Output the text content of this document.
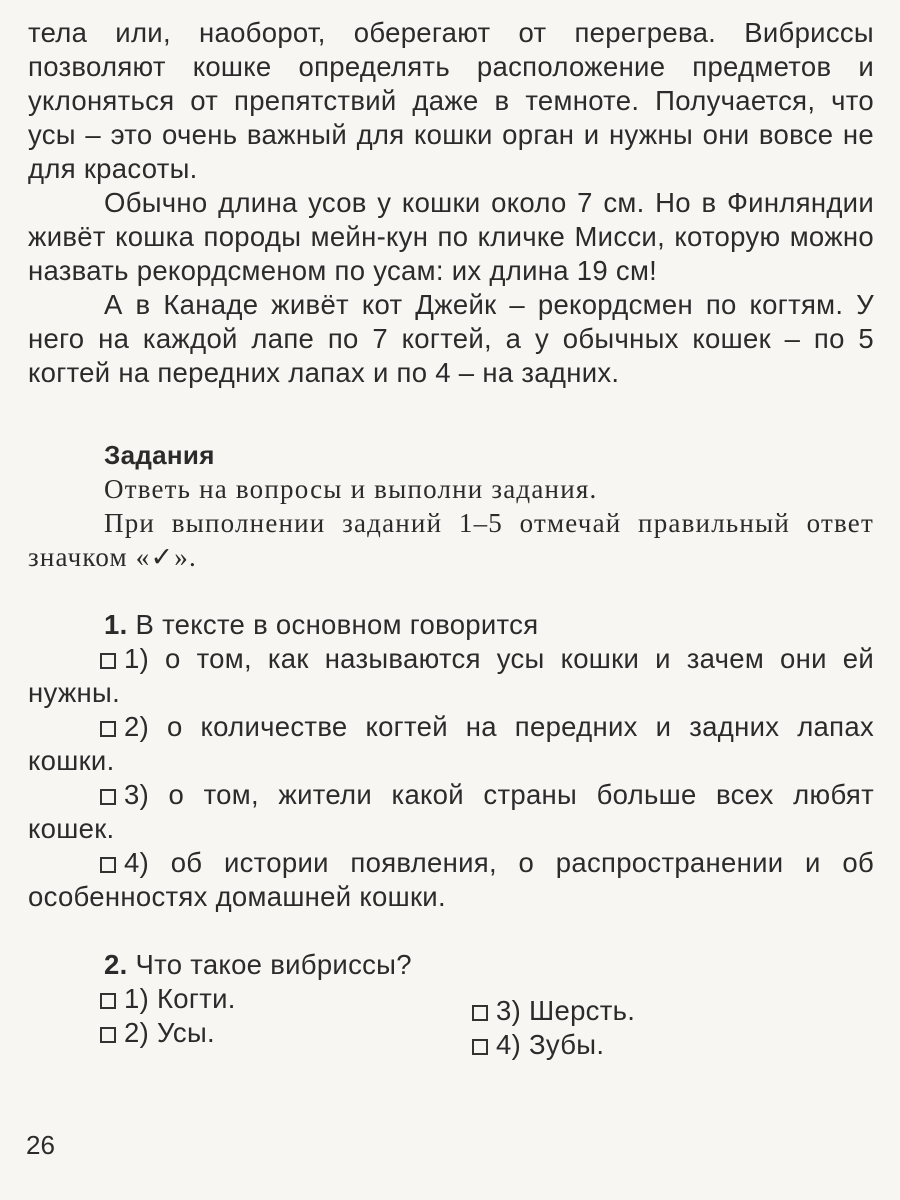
тела или, наоборот, оберегают от перегрева. Вибриссы позволяют кошке определять расположение предметов и уклоняться от препятствий даже в темноте. Получается, что усы – это очень важный для кошки орган и нужны они вовсе не для красоты.

Обычно длина усов у кошки около 7 см. Но в Финляндии живёт кошка породы мейн-кун по кличке Мисси, которую можно назвать рекордсменом по усам: их длина 19 см!

А в Канаде живёт кот Джейк – рекордсмен по когтям. У него на каждой лапе по 7 когтей, а у обычных кошек – по 5 когтей на передних лапах и по 4 – на задних.

Задания

Ответь на вопросы и выполни задания.

При выполнении заданий 1–5 отмечай правильный ответ значком «✓».

1. В тексте в основном говорится

1) о том, как называются усы кошки и зачем они ей нужны.

2) о количестве когтей на передних и задних лапах кошки.

3) о том, жители какой страны больше всех любят кошек.

4) об истории появления, о распространении и об особенностях домашней кошки.

2. Что такое вибриссы?

1) Когти.
2) Усы.
3) Шерсть.
4) Зубы.
26
